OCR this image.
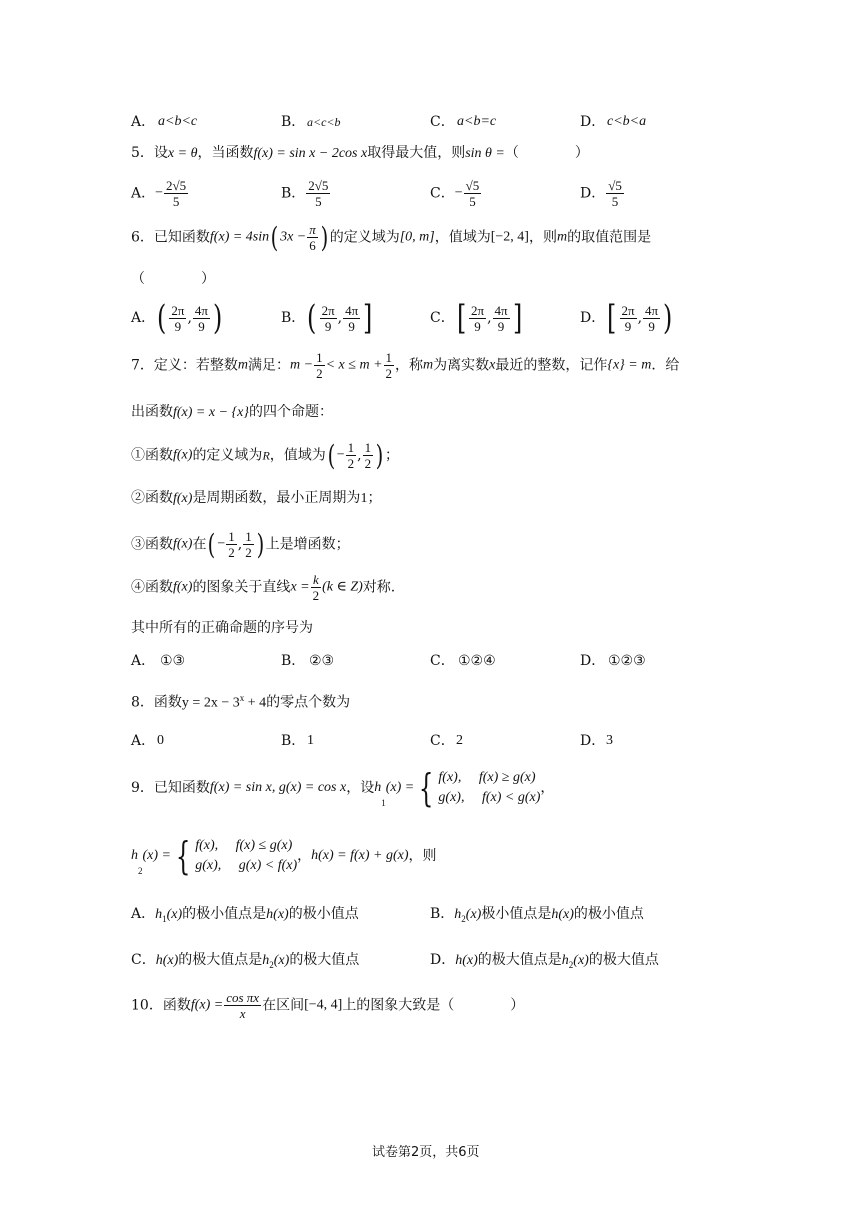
A． a<b<c	B． a<c<b	C． a<b=c	D． c<b<a
5．设x = θ，当函数f(x) = sin x − 2cos x取得最大值，则sin θ =（　　　　）
A．− $\frac{2√5}{5}$	B． $\frac{2√5}{5}$	C．− $\frac{√5}{5}$	D． $\frac{√5}{5}$
6．已知函数f(x) = 4sin( $3x - \frac{\pi}{6}$ ) 的定义域为[0, m]，值域为[−2, 4]，则m的取值范围是
（　　　　）
A．( $\frac{2\pi}{9}$ , $\frac{4\pi}{9}$ )	B．( $\frac{2\pi}{9}$ , $\frac{4\pi}{9}$ ]	C．[ $\frac{2\pi}{9}$ , $\frac{4\pi}{9}$ ]	D．[ $\frac{2\pi}{9}$ , $\frac{4\pi}{9}$ )
7．定义：若整数m满足：$m - \frac{1}{2} < x \le m + \frac{1}{2}$ ，称m为离实数x最近的整数，记作{x} = m．给
出函数f(x) = x − {x}的四个命题：
①函数f(x)的定义域为R，值域为( − $\frac{1}{2}$ , $\frac{1}{2}$ ) ；
②函数f(x)是周期函数，最小正周期为1；
③函数f(x)在( − $\frac{1}{2}$ , $\frac{1}{2}$ ) 上是增函数；
④函数f(x)的图象关于直线$x = \frac{k}{2} (k$ ∈ Z)对称.
其中所有的正确命题的序号为
A． ①③	B． ②③	C． ①②④	D． ①②③
8．函数$y = 2x - 3^x + 4$的零点个数为
A． 0	B． 1	C． 2	D． 3
9．已知函数f(x) = sin x, g(x) = cos x，设$h_1(x)$ = { f(x),　 f(x) ≥ g(x)
g(x),　 f(x) < g(x)
，
$h_2(x)$ = { f(x),　 f(x) ≤ g(x)
g(x),　 g(x) < f(x)
，h(x) = f(x) + g(x)，则
A．$h_1(x)$的极小值点是h(x)的极小值点	B．$h_2(x)$极小值点是h(x)的极小值点
C．h(x)的极大值点是$h_2(x)$的极大值点	D．h(x)的极大值点是$h_2(x)$的极大值点
10．函数$f(x) = \frac{\text{cos πx}}{x}$ 在区间[−4, 4]上的图象大致是（　　　　）
试卷第2页，共6页
